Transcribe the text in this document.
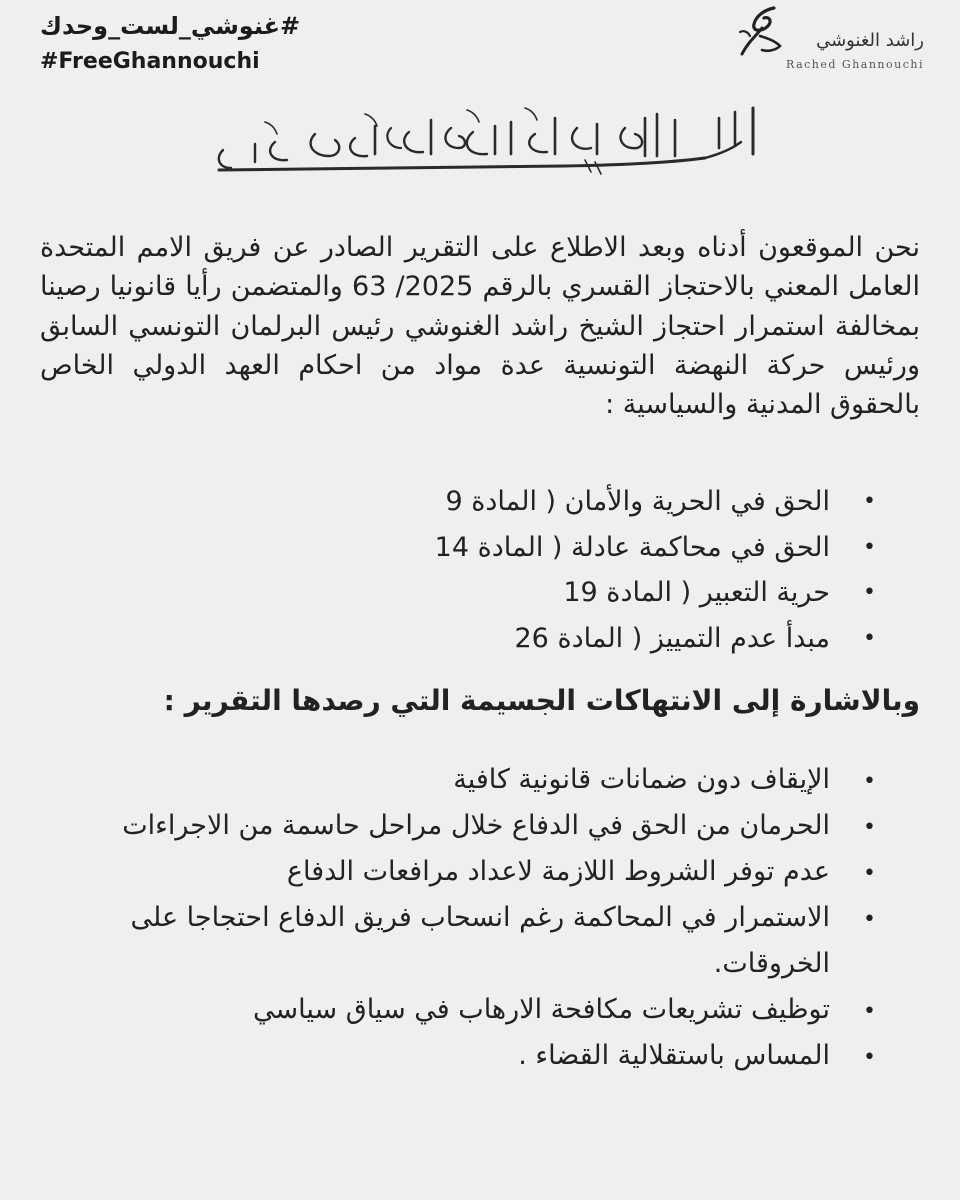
#غنوشي_لست_وحدك
#FreeGhannouchi
راشد الغنوشي
Rached Ghannouchi

نحن الموقعون أدناه وبعد الاطلاع على التقرير الصادر عن فريق الامم المتحدة العامل المعني بالاحتجاز القسري بالرقم 2025/ 63 والمتضمن رأيا قانونيا رصينا بمخالفة استمرار احتجاز الشيخ راشد الغنوشي رئيس البرلمان التونسي السابق ورئيس حركة النهضة التونسية عدة مواد من احكام العهد الدولي الخاص بالحقوق المدنية والسياسية :

•
الحق في الحرية والأمان ( المادة 9
•
الحق في محاكمة عادلة ( المادة 14
•
حرية التعبير ( المادة 19
•
مبدأ عدم التمييز ( المادة 26
وبالاشارة إلى الانتهاكات الجسيمة التي رصدها التقرير :
•
الإيقاف دون ضمانات قانونية كافية
•
الحرمان من الحق في الدفاع خلال مراحل حاسمة من الاجراءات
•
عدم توفر الشروط اللازمة لاعداد مرافعات الدفاع
•
الاستمرار في المحاكمة رغم انسحاب فريق الدفاع احتجاجا على الخروقات.
•
توظيف تشريعات مكافحة الارهاب في سياق سياسي
•
المساس باستقلالية القضاء .
